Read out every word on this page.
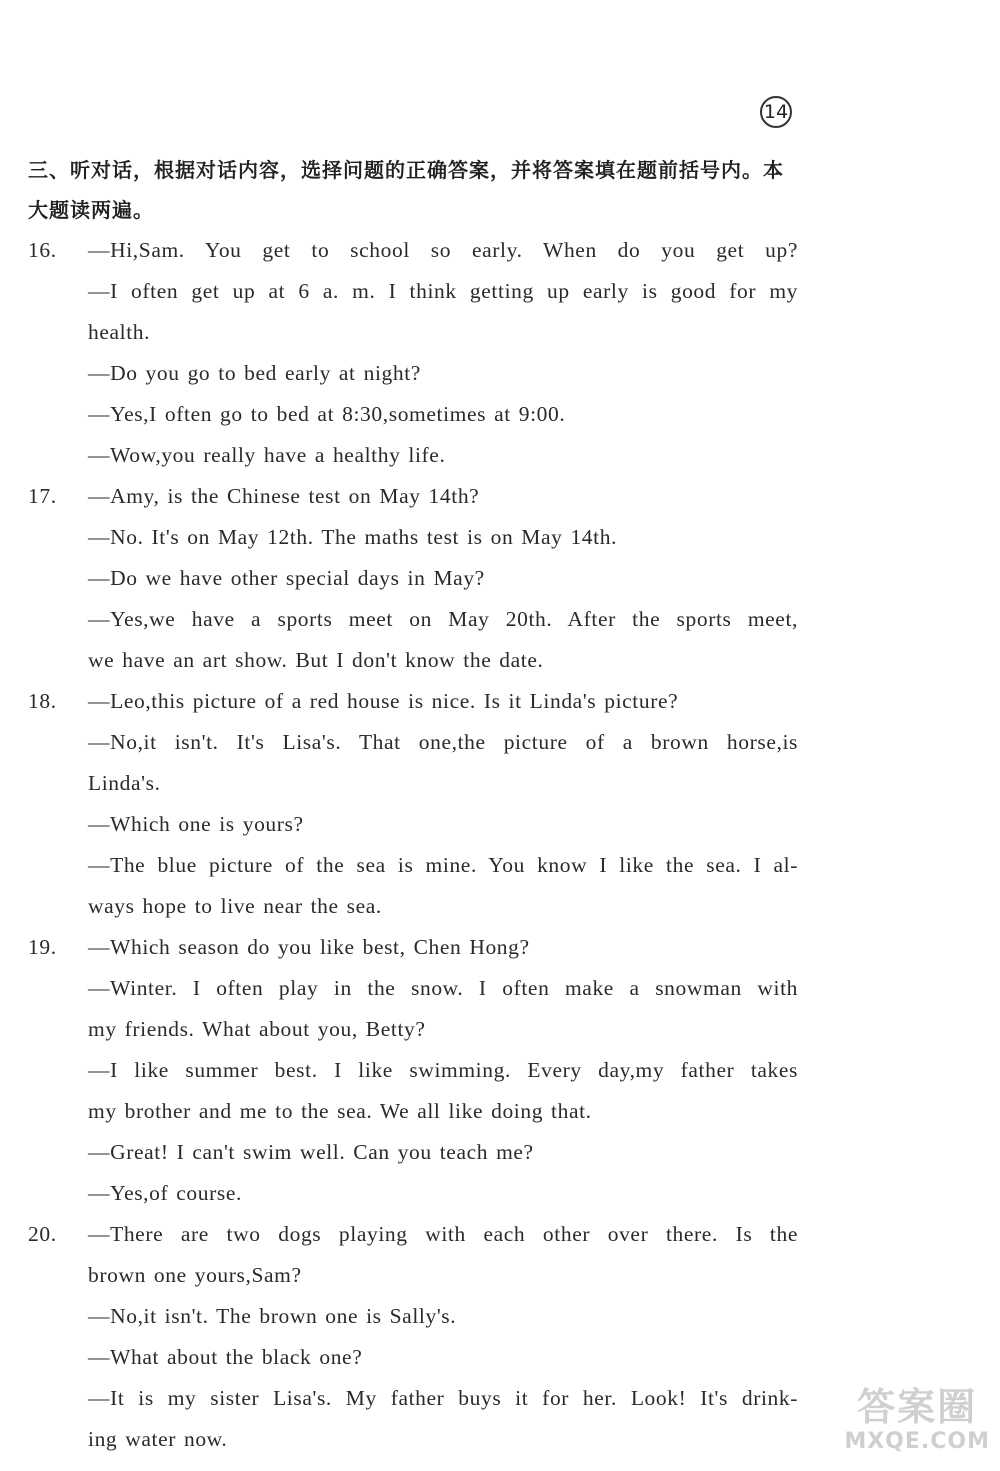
14

三、听对话，根据对话内容，选择问题的正确答案，并将答案填在题前括号内。本大题读两遍。

16. —Hi,Sam. You get to school so early. When do you get up?
—I often get up at 6 a. m. I think getting up early is good for my
health.
—Do you go to bed early at night?
—Yes,I often go to bed at 8:30,sometimes at 9:00.
—Wow,you really have a healthy life.
17. —Amy, is the Chinese test on May 14th?
—No. It's on May 12th. The maths test is on May 14th.
—Do we have other special days in May?
—Yes,we have a sports meet on May 20th. After the sports meet,
we have an art show. But I don't know the date.
18. —Leo,this picture of a red house is nice. Is it Linda's picture?
—No,it isn't. It's Lisa's. That one,the picture of a brown horse,is
Linda's.
—Which one is yours?
—The blue picture of the sea is mine. You know I like the sea. I al-
ways hope to live near the sea.
19. —Which season do you like best, Chen Hong?
—Winter. I often play in the snow. I often make a snowman with
my friends. What about you, Betty?
—I like summer best. I like swimming. Every day,my father takes
my brother and me to the sea. We all like doing that.
—Great! I can't swim well. Can you teach me?
—Yes,of course.
20. —There are two dogs playing with each other over there. Is the
brown one yours,Sam?
—No,it isn't. The brown one is Sally's.
—What about the black one?
—It is my sister Lisa's. My father buys it for her. Look! It's drink-
ing water now.
答案圈
MXQE.COM
